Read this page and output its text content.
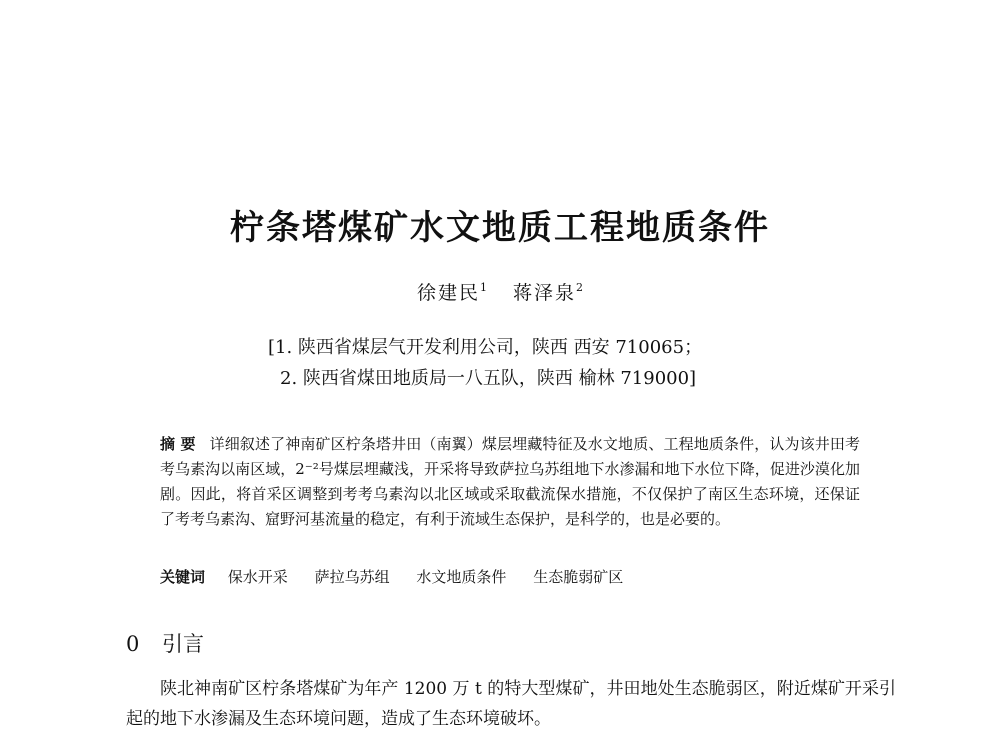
柠条塔煤矿水文地质工程地质条件
徐建民$^1$ 蒋泽泉$^2$
[1. 陕西省煤层气开发利用公司，陕西 西安 710065；
2. 陕西省煤田地质局一八五队，陕西 榆林 719000]
摘 要 详细叙述了神南矿区柠条塔井田（南翼）煤层埋藏特征及水文地质、工程地质条件，认为该井田考考乌素沟以南区域，2⁻²号煤层埋藏浅，开采将导致萨拉乌苏组地下水渗漏和地下水位下降，促进沙漠化加剧。因此，将首采区调整到考考乌素沟以北区域或采取截流保水措施，不仅保护了南区生态环境，还保证了考考乌素沟、窟野河基流量的稳定，有利于流域生态保护，是科学的，也是必要的。
关键词 保水开采 萨拉乌苏组 水文地质条件 生态脆弱矿区
0 引言
陕北神南矿区柠条塔煤矿为年产 1200 万 t 的特大型煤矿，井田地处生态脆弱区，附近煤矿开采引起的地下水渗漏及生态环境问题，造成了生态环境破坏。
